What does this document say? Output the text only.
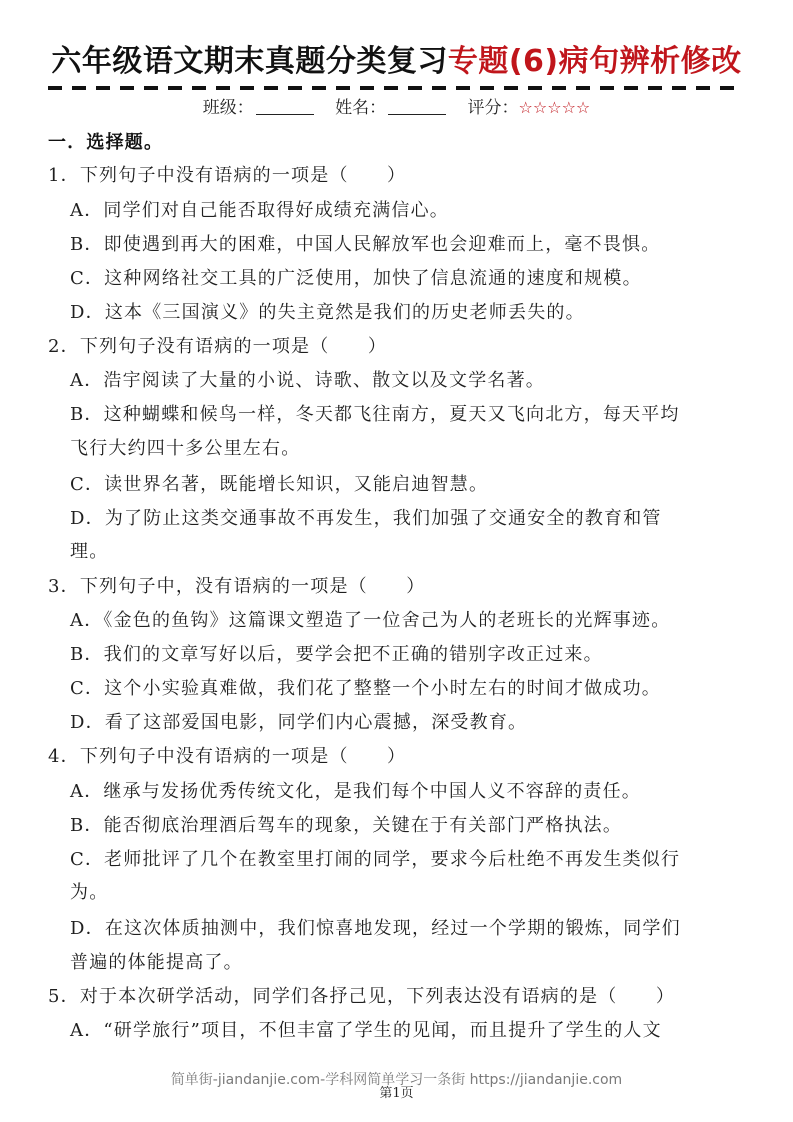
六年级语文期末真题分类复习专题(6)病句辨析修改
班级：	姓名：	评分：☆☆☆☆☆
一．选择题。
1．下列句子中没有语病的一项是（　　）
A．同学们对自己能否取得好成绩充满信心。
B．即使遇到再大的困难，中国人民解放军也会迎难而上，毫不畏惧。
C．这种网络社交工具的广泛使用，加快了信息流通的速度和规模。
D．这本《三国演义》的失主竟然是我们的历史老师丢失的。
2．下列句子没有语病的一项是（　　）
A．浩宇阅读了大量的小说、诗歌、散文以及文学名著。
B．这种蝴蝶和候鸟一样，冬天都飞往南方，夏天又飞向北方，每天平均
飞行大约四十多公里左右。
C．读世界名著，既能增长知识，又能启迪智慧。
D．为了防止这类交通事故不再发生，我们加强了交通安全的教育和管
理。
3．下列句子中，没有语病的一项是（　　）
A．《金色的鱼钩》这篇课文塑造了一位舍己为人的老班长的光辉事迹。
B．我们的文章写好以后，要学会把不正确的错别字改正过来。
C．这个小实验真难做，我们花了整整一个小时左右的时间才做成功。
D．看了这部爱国电影，同学们内心震撼，深受教育。
4．下列句子中没有语病的一项是（　　）
A．继承与发扬优秀传统文化，是我们每个中国人义不容辞的责任。
B．能否彻底治理酒后驾车的现象，关键在于有关部门严格执法。
C．老师批评了几个在教室里打闹的同学，要求今后杜绝不再发生类似行
为。
D．在这次体质抽测中，我们惊喜地发现，经过一个学期的锻炼，同学们
普遍的体能提高了。
5．对于本次研学活动，同学们各抒己见，下列表达没有语病的是（　　）
A．“研学旅行”项目，不但丰富了学生的见闻，而且提升了学生的人文
简单街-jiandanjie.com-学科网简单学习一条街 https://jiandanjie.com
第1页
